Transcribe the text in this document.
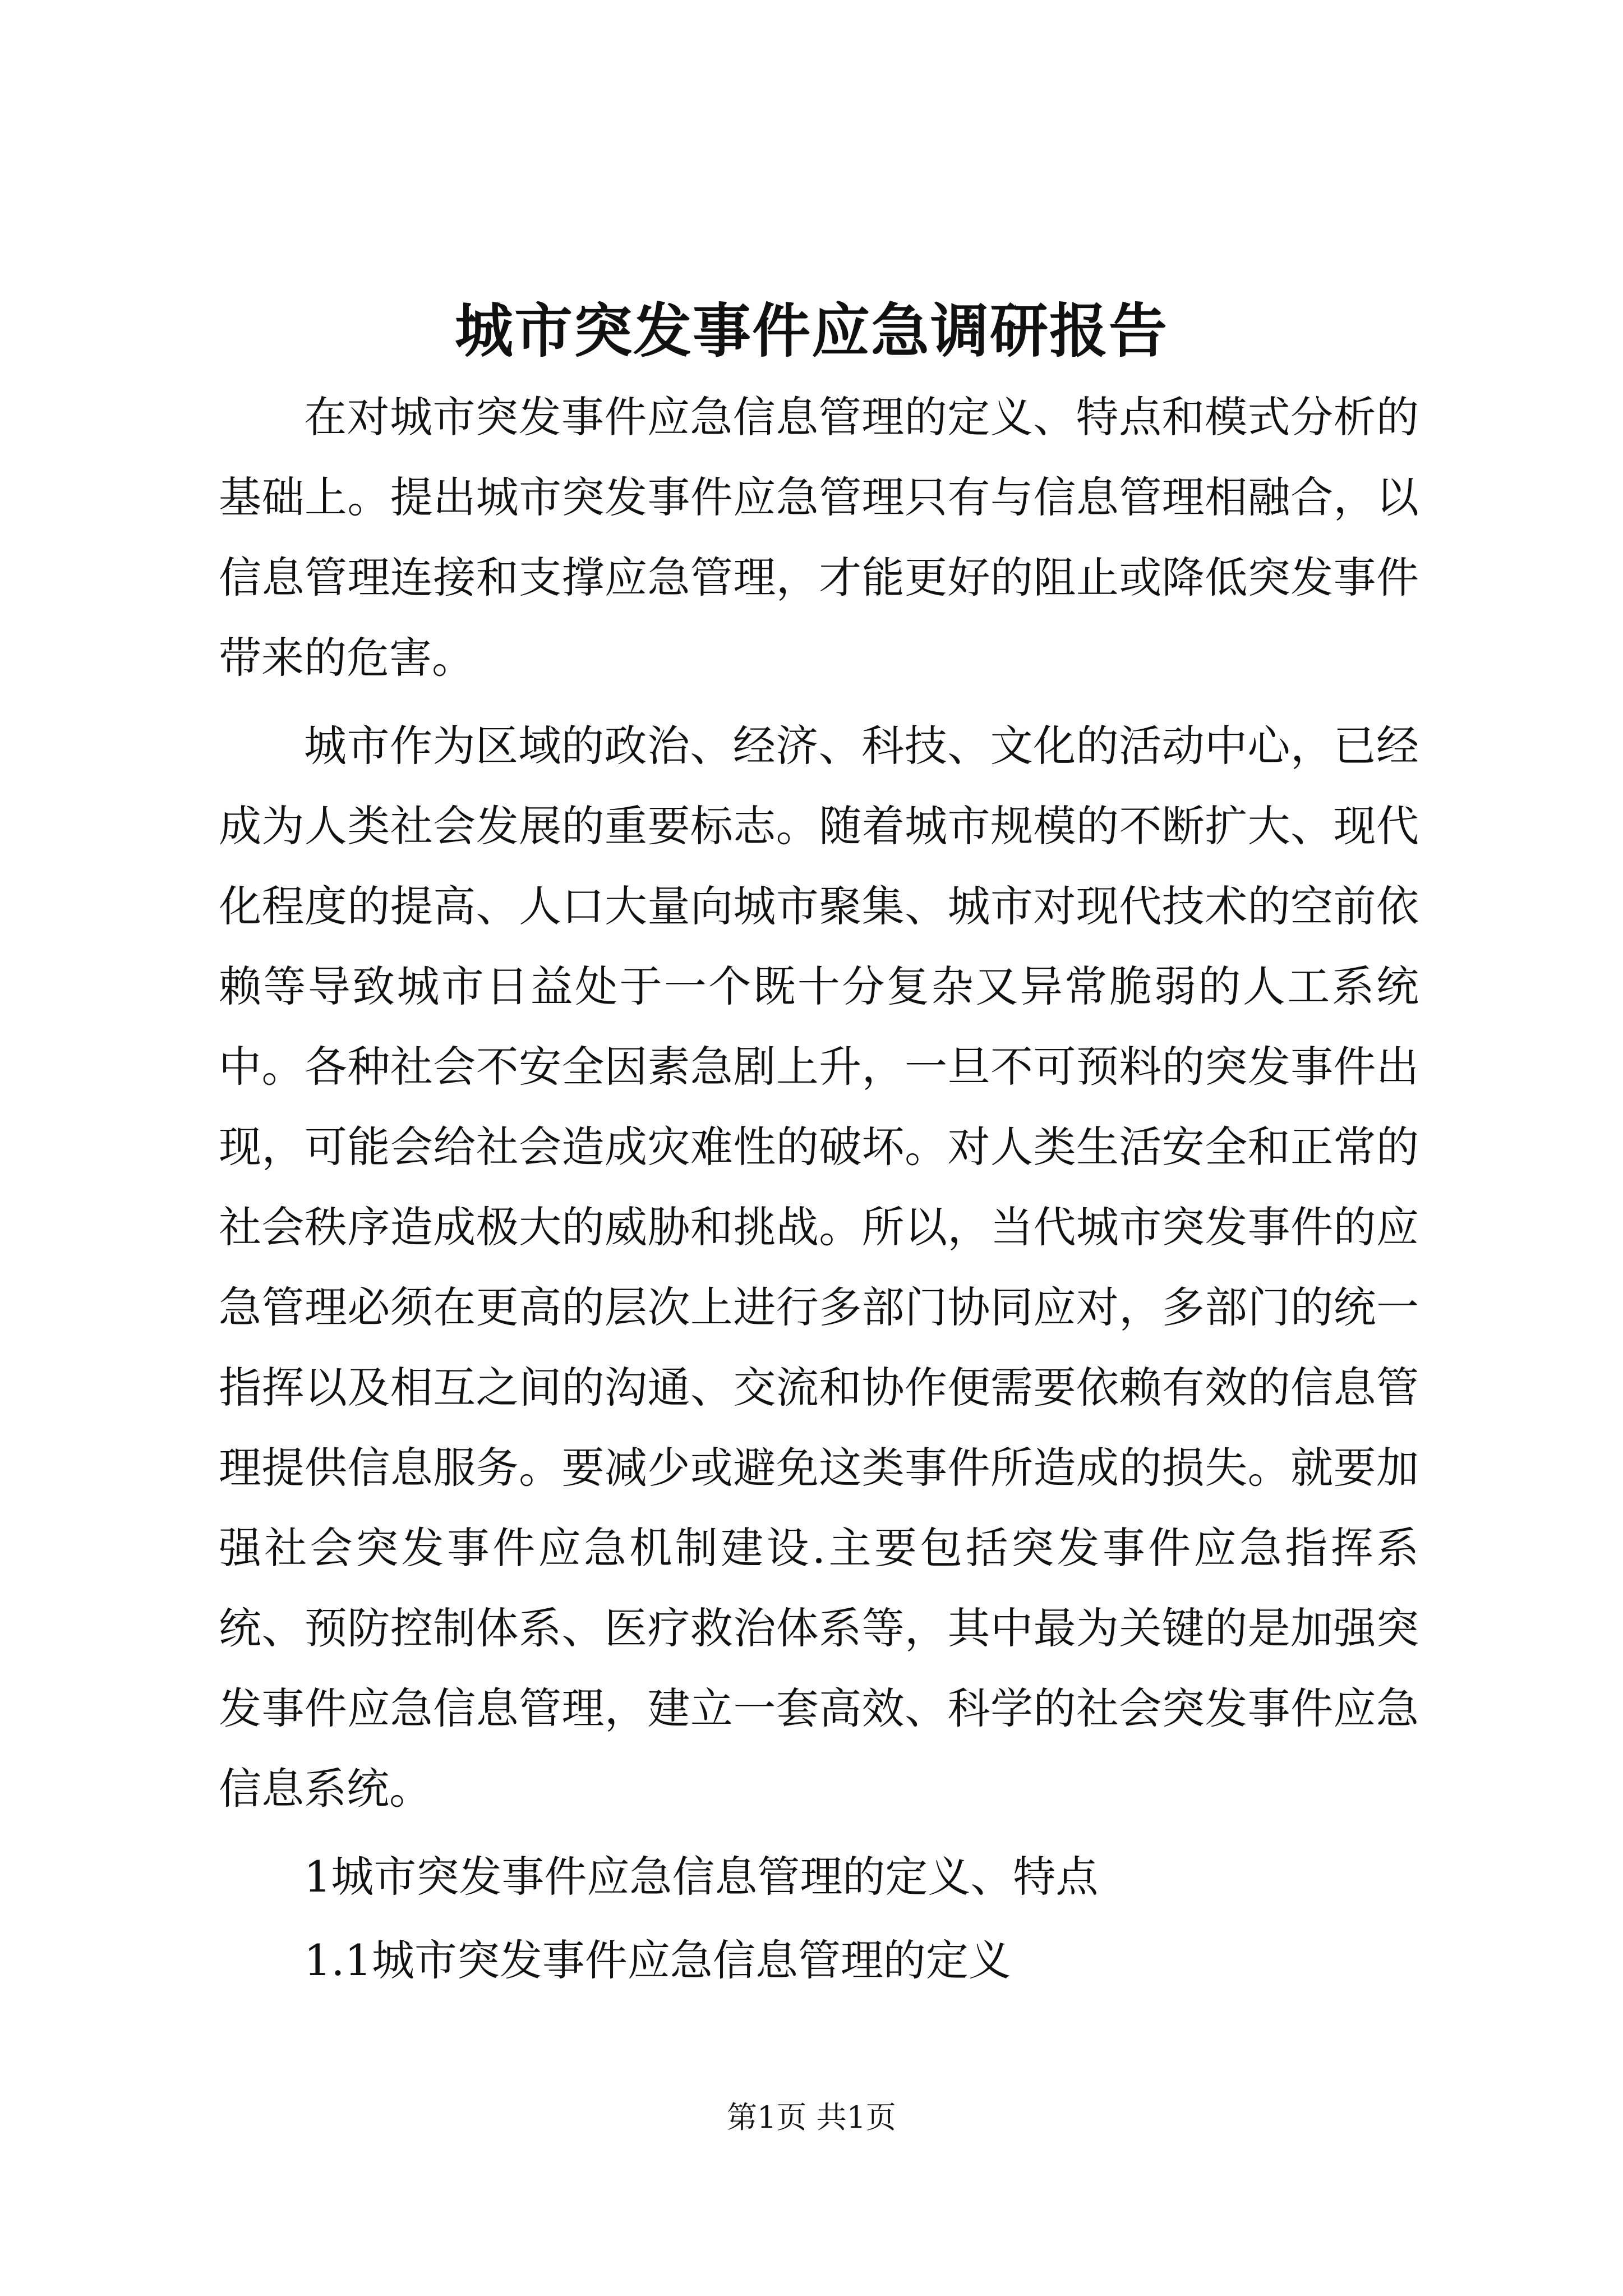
城市突发事件应急调研报告

在对城市突发事件应急信息管理的定义、特点和模式分析的基础上。提出城市突发事件应急管理只有与信息管理相融合，以信息管理连接和支撑应急管理，才能更好的阻止或降低突发事件带来的危害。

城市作为区域的政治、经济、科技、文化的活动中心，已经成为人类社会发展的重要标志。随着城市规模的不断扩大、现代化程度的提高、人口大量向城市聚集、城市对现代技术的空前依赖等导致城市日益处于一个既十分复杂又异常脆弱的人工系统中。各种社会不安全因素急剧上升，一旦不可预料的突发事件出现，可能会给社会造成灾难性的破坏。对人类生活安全和正常的社会秩序造成极大的威胁和挑战。所以，当代城市突发事件的应急管理必须在更高的层次上进行多部门协同应对，多部门的统一指挥以及相互之间的沟通、交流和协作便需要依赖有效的信息管理提供信息服务。要减少或避免这类事件所造成的损失。就要加强社会突发事件应急机制建设.主要包括突发事件应急指挥系统、预防控制体系、医疗救治体系等，其中最为关键的是加强突发事件应急信息管理，建立一套高效、科学的社会突发事件应急信息系统。

1城市突发事件应急信息管理的定义、特点

1.1城市突发事件应急信息管理的定义

第1页 共1页
